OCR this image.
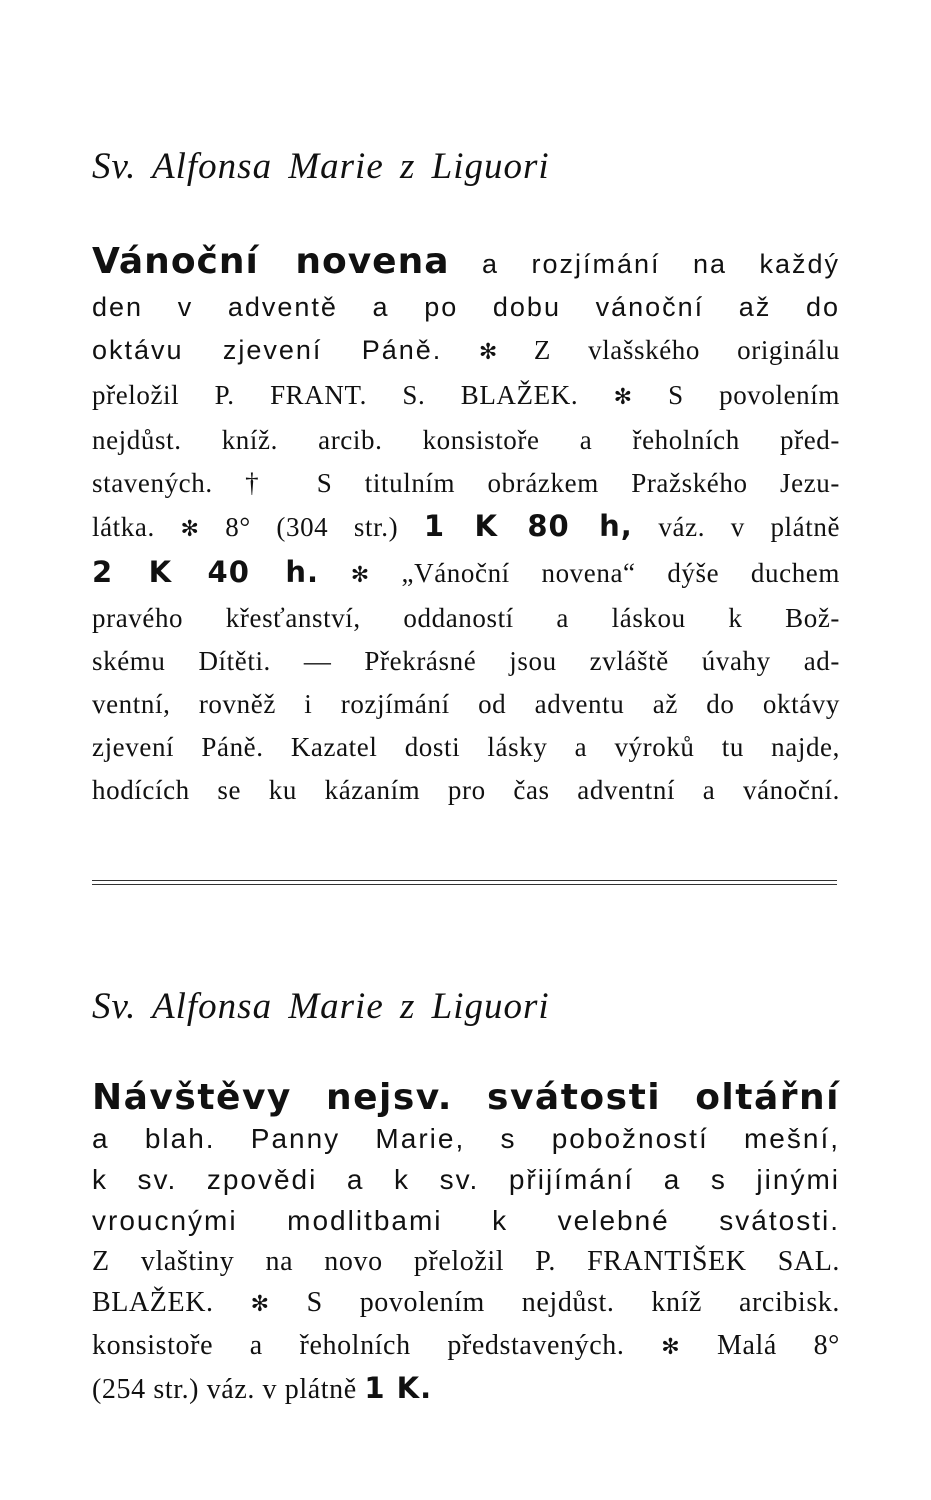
Sv. Alfonsa Marie z Liguori

Vánoční novena a rozjímání na každý
den v adventě a po dobu vánoční až do
oktávu zjevení Páně. ✻ Z vlašského originálu
přeložil P. FRANT. S. BLAŽEK. ✻ S povolením
nejdůst. kníž. arcib. konsistoře a řeholních před-
stavených. † S titulním obrázkem Pražského Jezu-
látka. ✻ 8° (304 str.) 1 K 80 h, váz. v plátně
2 K 40 h. ✻ „Vánoční novena“ dýše duchem
pravého křesťanství, oddaností a láskou k Bož-
skému Dítěti. — Překrásné jsou zvláště úvahy ad-
ventní, rovněž i rozjímání od adventu až do oktávy
zjevení Páně. Kazatel dosti lásky a výroků tu najde,
hodících se ku kázaním pro čas adventní a vánoční.

Sv. Alfonsa Marie z Liguori

Návštěvy nejsv. svátosti oltářní
a blah. Panny Marie, s pobožností mešní,
k sv. zpovědi a k sv. přijímání a s jinými
vroucnými modlitbami k velebné svátosti.
Z vlaštiny na novo přeložil P. FRANTIŠEK SAL.
BLAŽEK. ✻ S povolením nejdůst. kníž arcibisk.
konsistoře a řeholních představených. ✻ Malá 8°
(254 str.) váz. v plátně 1 K.
